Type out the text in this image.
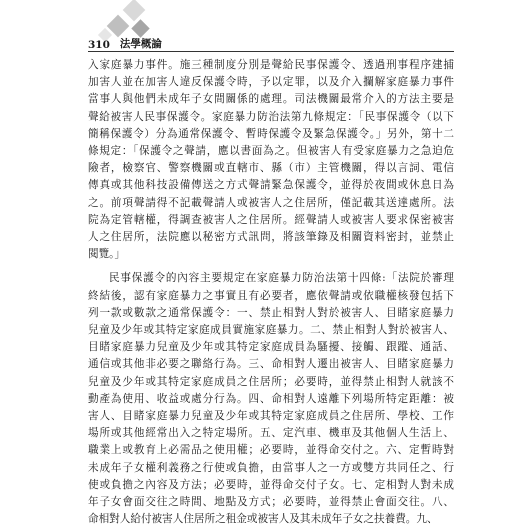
310 法學概論

入家庭暴力事件。施三種制度分別是聲給民事保護令、透過刑事程序建捕
加害人並在加害人違反保護令時，予以定罪，以及介入攔解家庭暴力事件
當事人與他們未成年子女間關係的處理。司法機關最常介入的方法主要是
聲給被害人民事保護令。家庭暴力防治法第九條規定：「民事保護令（以下
簡稱保護令）分為通常保護令、暫時保護令及緊急保護令。」另外，第十二
條規定：「保護令之聲請，應以書面為之。但被害人有受家庭暴力之急迫危
險者，檢察官、警察機關或直轄市、縣（市）主管機關，得以言詞、電信
傳真或其他科技設備傳送之方式聲請緊急保護令，並得於夜間或休息日為
之。前項聲請得不記載聲請人或被害人之住居所，僅記載其送達處所。法
院為定管轄權，得調查被害人之住居所。經聲請人或被害人要求保密被害
人之住居所，法院應以秘密方式訊問，將該筆錄及相關資料密封，並禁止
閱覽。」

民事保護令的內容主要規定在家庭暴力防治法第十四條:「法院於審理
終結後，認有家庭暴力之事實且有必要者，應依聲請或依職權核發包括下
列一款或數款之通常保護令：一、禁止相對人對於被害人、目睹家庭暴力
兒童及少年或其特定家庭成員實施家庭暴力。二、禁止相對人對於被害人、
目睹家庭暴力兒童及少年或其特定家庭成員為騷擾、接觸、跟蹤、通話、
通信或其他非必要之聯絡行為。三、命相對人遷出被害人、目睹家庭暴力
兒童及少年或其特定家庭成員之住居所；必要時，並得禁止相對人就該不
動產為使用、收益或處分行為。四、命相對人遠離下列場所特定距離：被
害人、目睹家庭暴力兒童及少年或其特定家庭成員之住居所、學校、工作
場所或其他經常出入之特定場所。五、定汽車、機車及其他個人生活上、
職業上或教育上必需品之使用權；必要時，並得命交付之。六、定暫時對
未成年子女權利義務之行使或負擔，由當事人之一方或雙方共同任之、行
使或負擔之內容及方法；必要時，並得命交付子女。七、定相對人對未成
年子女會面交往之時間、地點及方式；必要時，並得禁止會面交往。八、
命相對人給付被害人住居所之租金或被害人及其未成年子女之扶養費。九、
